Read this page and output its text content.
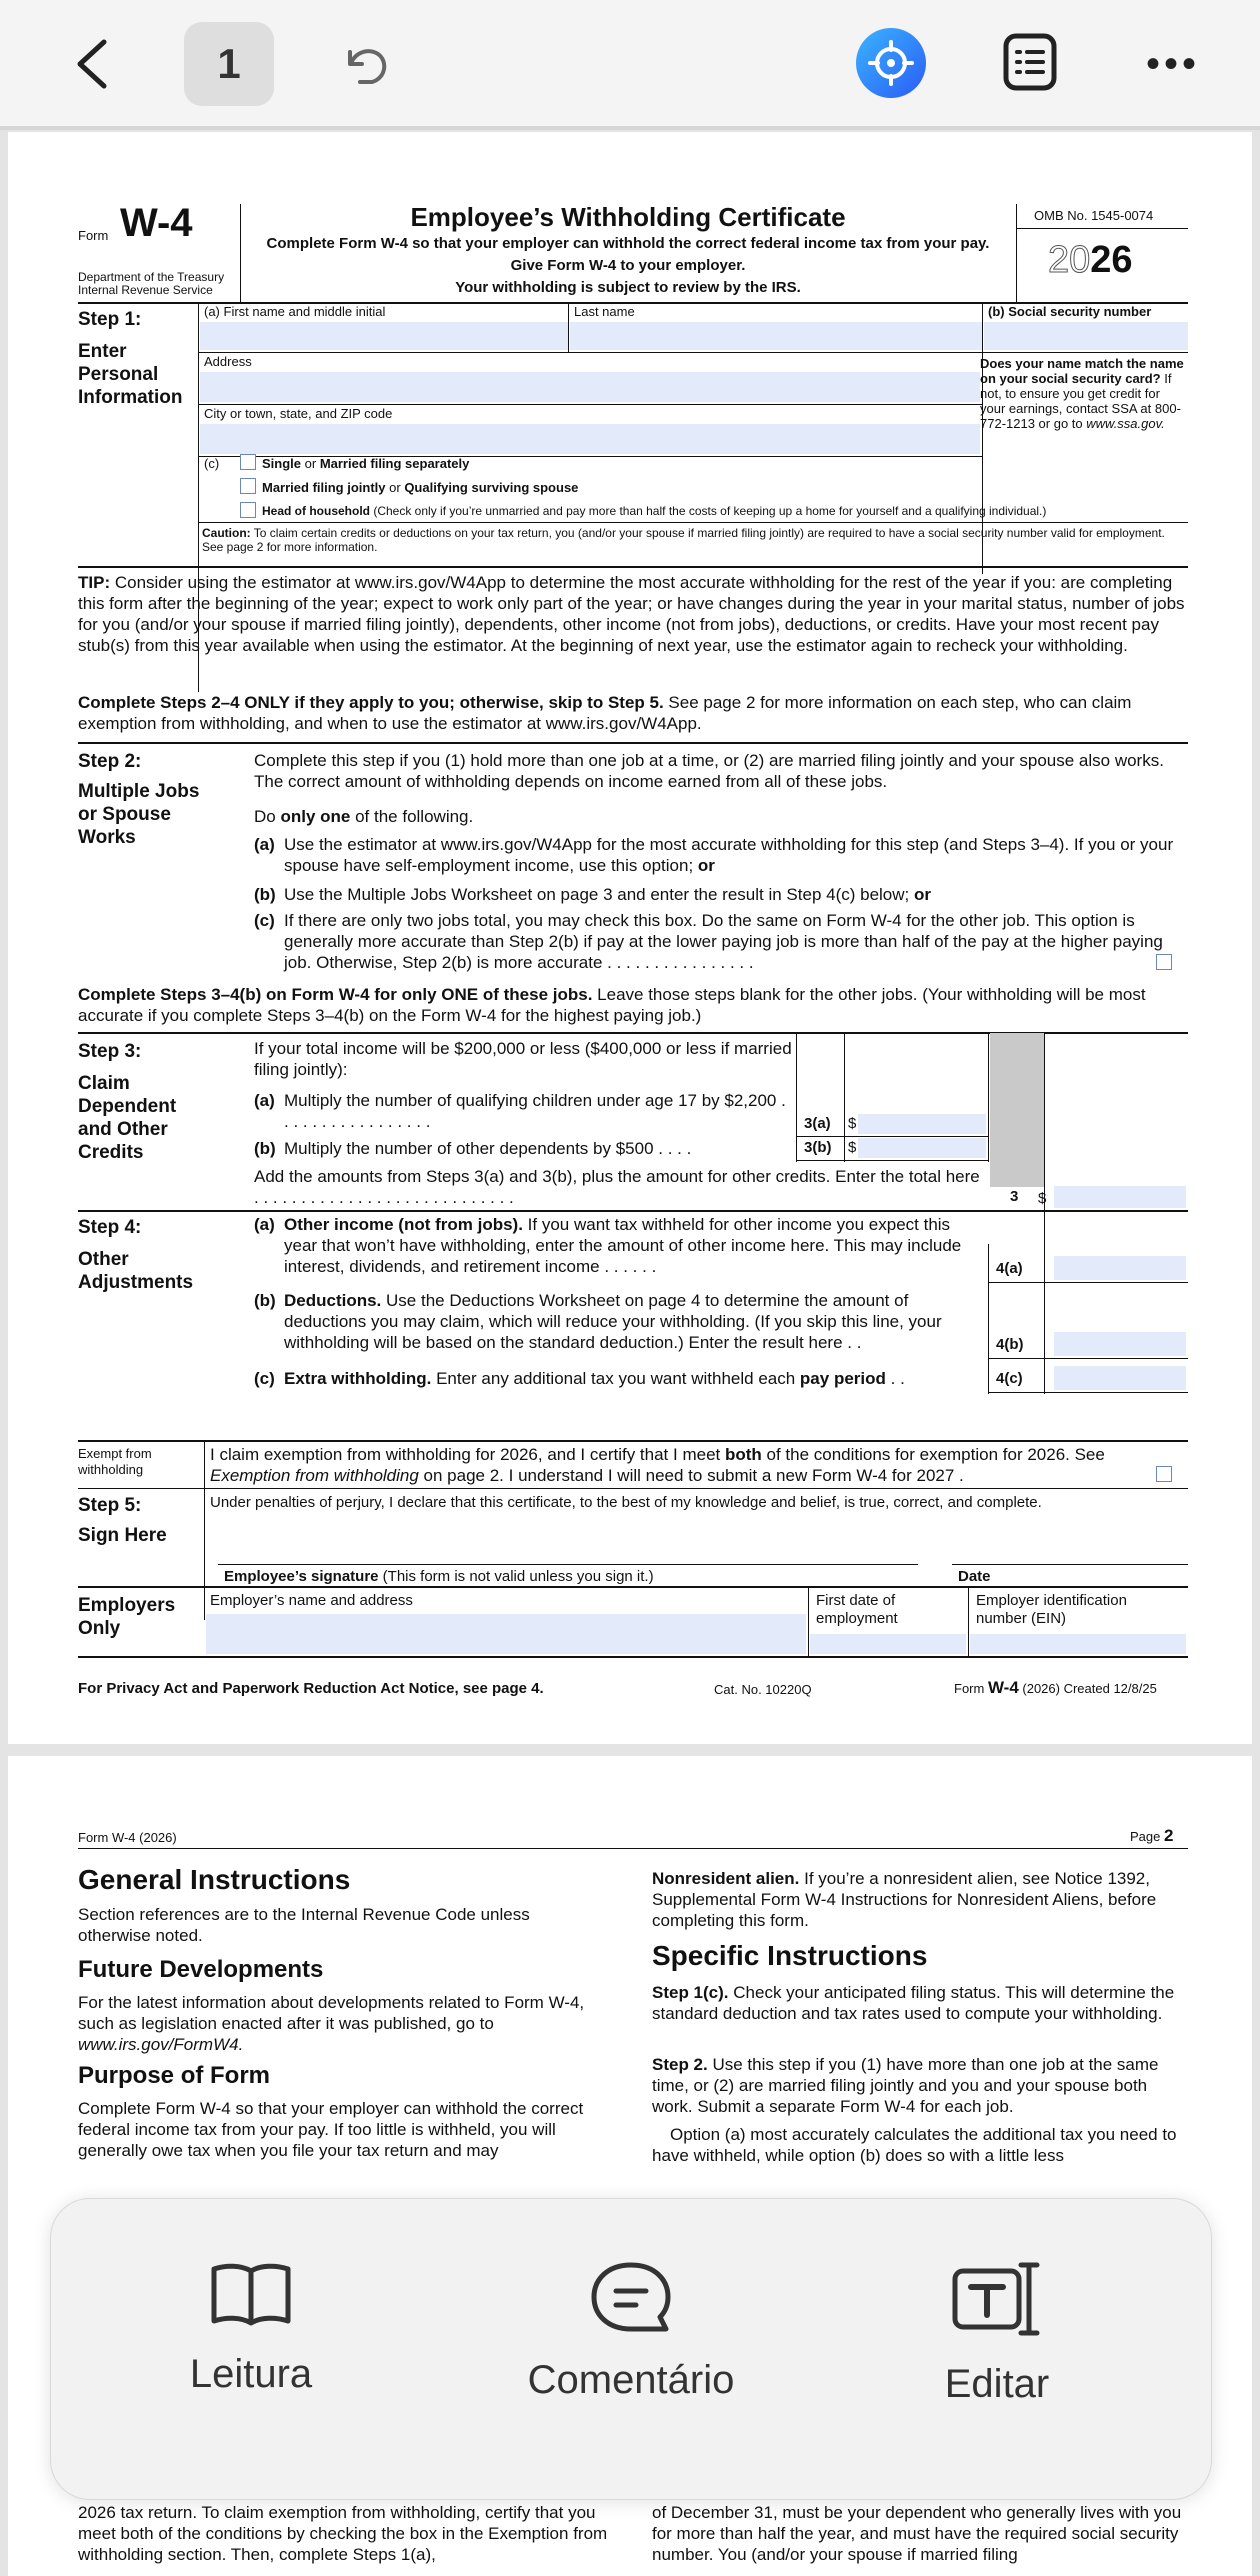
1	•••
Form W-4
Department of the Treasury
Internal Revenue Service
Employee’s Withholding Certificate
Complete Form W-4 so that your employer can withhold the correct federal income tax from your pay.
Give Form W-4 to your employer.
Your withholding is subject to review by the IRS.
OMB No. 1545-0074
2026
Step 1:
Enter Personal Information
(a) First name and middle initial	Last name	(b) Social security number
Address
City or town, state, and ZIP code
Does your name match the name on your social security card? If not, to ensure you get credit for your earnings, contact SSA at 800-772-1213 or go to www.ssa.gov.
(c)	Single or Married filing separately
Married filing jointly or Qualifying surviving spouse
Head of household (Check only if you’re unmarried and pay more than half the costs of keeping up a home for yourself and a qualifying individual.)
Caution: To claim certain credits or deductions on your tax return, you (and/or your spouse if married filing jointly) are required to have a social security number valid for employment. See page 2 for more information.
TIP: Consider using the estimator at www.irs.gov/W4App to determine the most accurate withholding for the rest of the year if you: are completing this form after the beginning of the year; expect to work only part of the year; or have changes during the year in your marital status, number of jobs for you (and/or your spouse if married filing jointly), dependents, other income (not from jobs), deductions, or credits. Have your most recent pay stub(s) from this year available when using the estimator. At the beginning of next year, use the estimator again to recheck your withholding.
Complete Steps 2–4 ONLY if they apply to you; otherwise, skip to Step 5. See page 2 for more information on each step, who can claim exemption from withholding, and when to use the estimator at www.irs.gov/W4App.
Step 2:
Multiple Jobs or Spouse Works
Complete this step if you (1) hold more than one job at a time, or (2) are married filing jointly and your spouse also works. The correct amount of withholding depends on income earned from all of these jobs.
Do only one of the following.
(a) Use the estimator at www.irs.gov/W4App for the most accurate withholding for this step (and Steps 3–4). If you or your spouse have self-employment income, use this option; or
(b) Use the Multiple Jobs Worksheet on page 3 and enter the result in Step 4(c) below; or
(c) If there are only two jobs total, you may check this box. Do the same on Form W-4 for the other job. This option is generally more accurate than Step 2(b) if pay at the lower paying job is more than half of the pay at the higher paying job. Otherwise, Step 2(b) is more accurate . . . . . . . . . . . . . . . .
Complete Steps 3–4(b) on Form W-4 for only ONE of these jobs. Leave those steps blank for the other jobs. (Your withholding will be most accurate if you complete Steps 3–4(b) on the Form W-4 for the highest paying job.)
Step 3:
Claim Dependent and Other Credits
If your total income will be $200,000 or less ($400,000 or less if married filing jointly):
(a) Multiply the number of qualifying children under age 17 by $2,200 . . . . . . . . . . . . . . . . .
(b) Multiply the number of other dependents by $500 . . . .
3(a) $
3(b) $
Add the amounts from Steps 3(a) and 3(b), plus the amount for other credits. Enter the total here . . . . . . . . . . . . . . . . . . . . . . . . . . . .	3 $
Step 4:
Other Adjustments
(a) Other income (not from jobs). If you want tax withheld for other income you expect this year that won’t have withholding, enter the amount of other income here. This may include interest, dividends, and retirement income . . . . . .	4(a)
(b) Deductions. Use the Deductions Worksheet on page 4 to determine the amount of deductions you may claim, which will reduce your withholding. (If you skip this line, your withholding will be based on the standard deduction.) Enter the result here . .	4(b)
(c) Extra withholding. Enter any additional tax you want withheld each pay period . .	4(c)
Exempt from
withholding
I claim exemption from withholding for 2026, and I certify that I meet both of the conditions for exemption for 2026. See Exemption from withholding on page 2. I understand I will need to submit a new Form W-4 for 2027 .
Step 5:
Sign Here
Under penalties of perjury, I declare that this certificate, to the best of my knowledge and belief, is true, correct, and complete.
Employee’s signature (This form is not valid unless you sign it.)	Date
Employers Only
Employer’s name and address	First date of employment
Employer identification number (EIN)
For Privacy Act and Paperwork Reduction Act Notice, see page 4.	Cat. No. 10220Q	Form W-4 (2026) Created 12/8/25
Form W-4 (2026)	Page 2
General Instructions
Section references are to the Internal Revenue Code unless otherwise noted.
Future Developments
For the latest information about developments related to Form W-4, such as legislation enacted after it was published, go to www.irs.gov/FormW4.
Purpose of Form
Complete Form W-4 so that your employer can withhold the correct federal income tax from your pay. If too little is withheld, you will generally owe tax when you file your tax return and may
Nonresident alien. If you’re a nonresident alien, see Notice 1392, Supplemental Form W-4 Instructions for Nonresident Aliens, before completing this form.
Specific Instructions
Step 1(c). Check your anticipated filing status. This will determine the standard deduction and tax rates used to compute your withholding.
Step 2. Use this step if you (1) have more than one job at the same time, or (2) are married filing jointly and you and your spouse both work. Submit a separate Form W-4 for each job.
Option (a) most accurately calculates the additional tax you need to have withheld, while option (b) does so with a little less
2026 tax return. To claim exemption from withholding, certify that you meet both of the conditions by checking the box in the Exemption from withholding section. Then, complete Steps 1(a),
of December 31, must be your dependent who generally lives with you for more than half the year, and must have the required social security number. You (and/or your spouse if married filing
Leitura	Comentário	Editar
